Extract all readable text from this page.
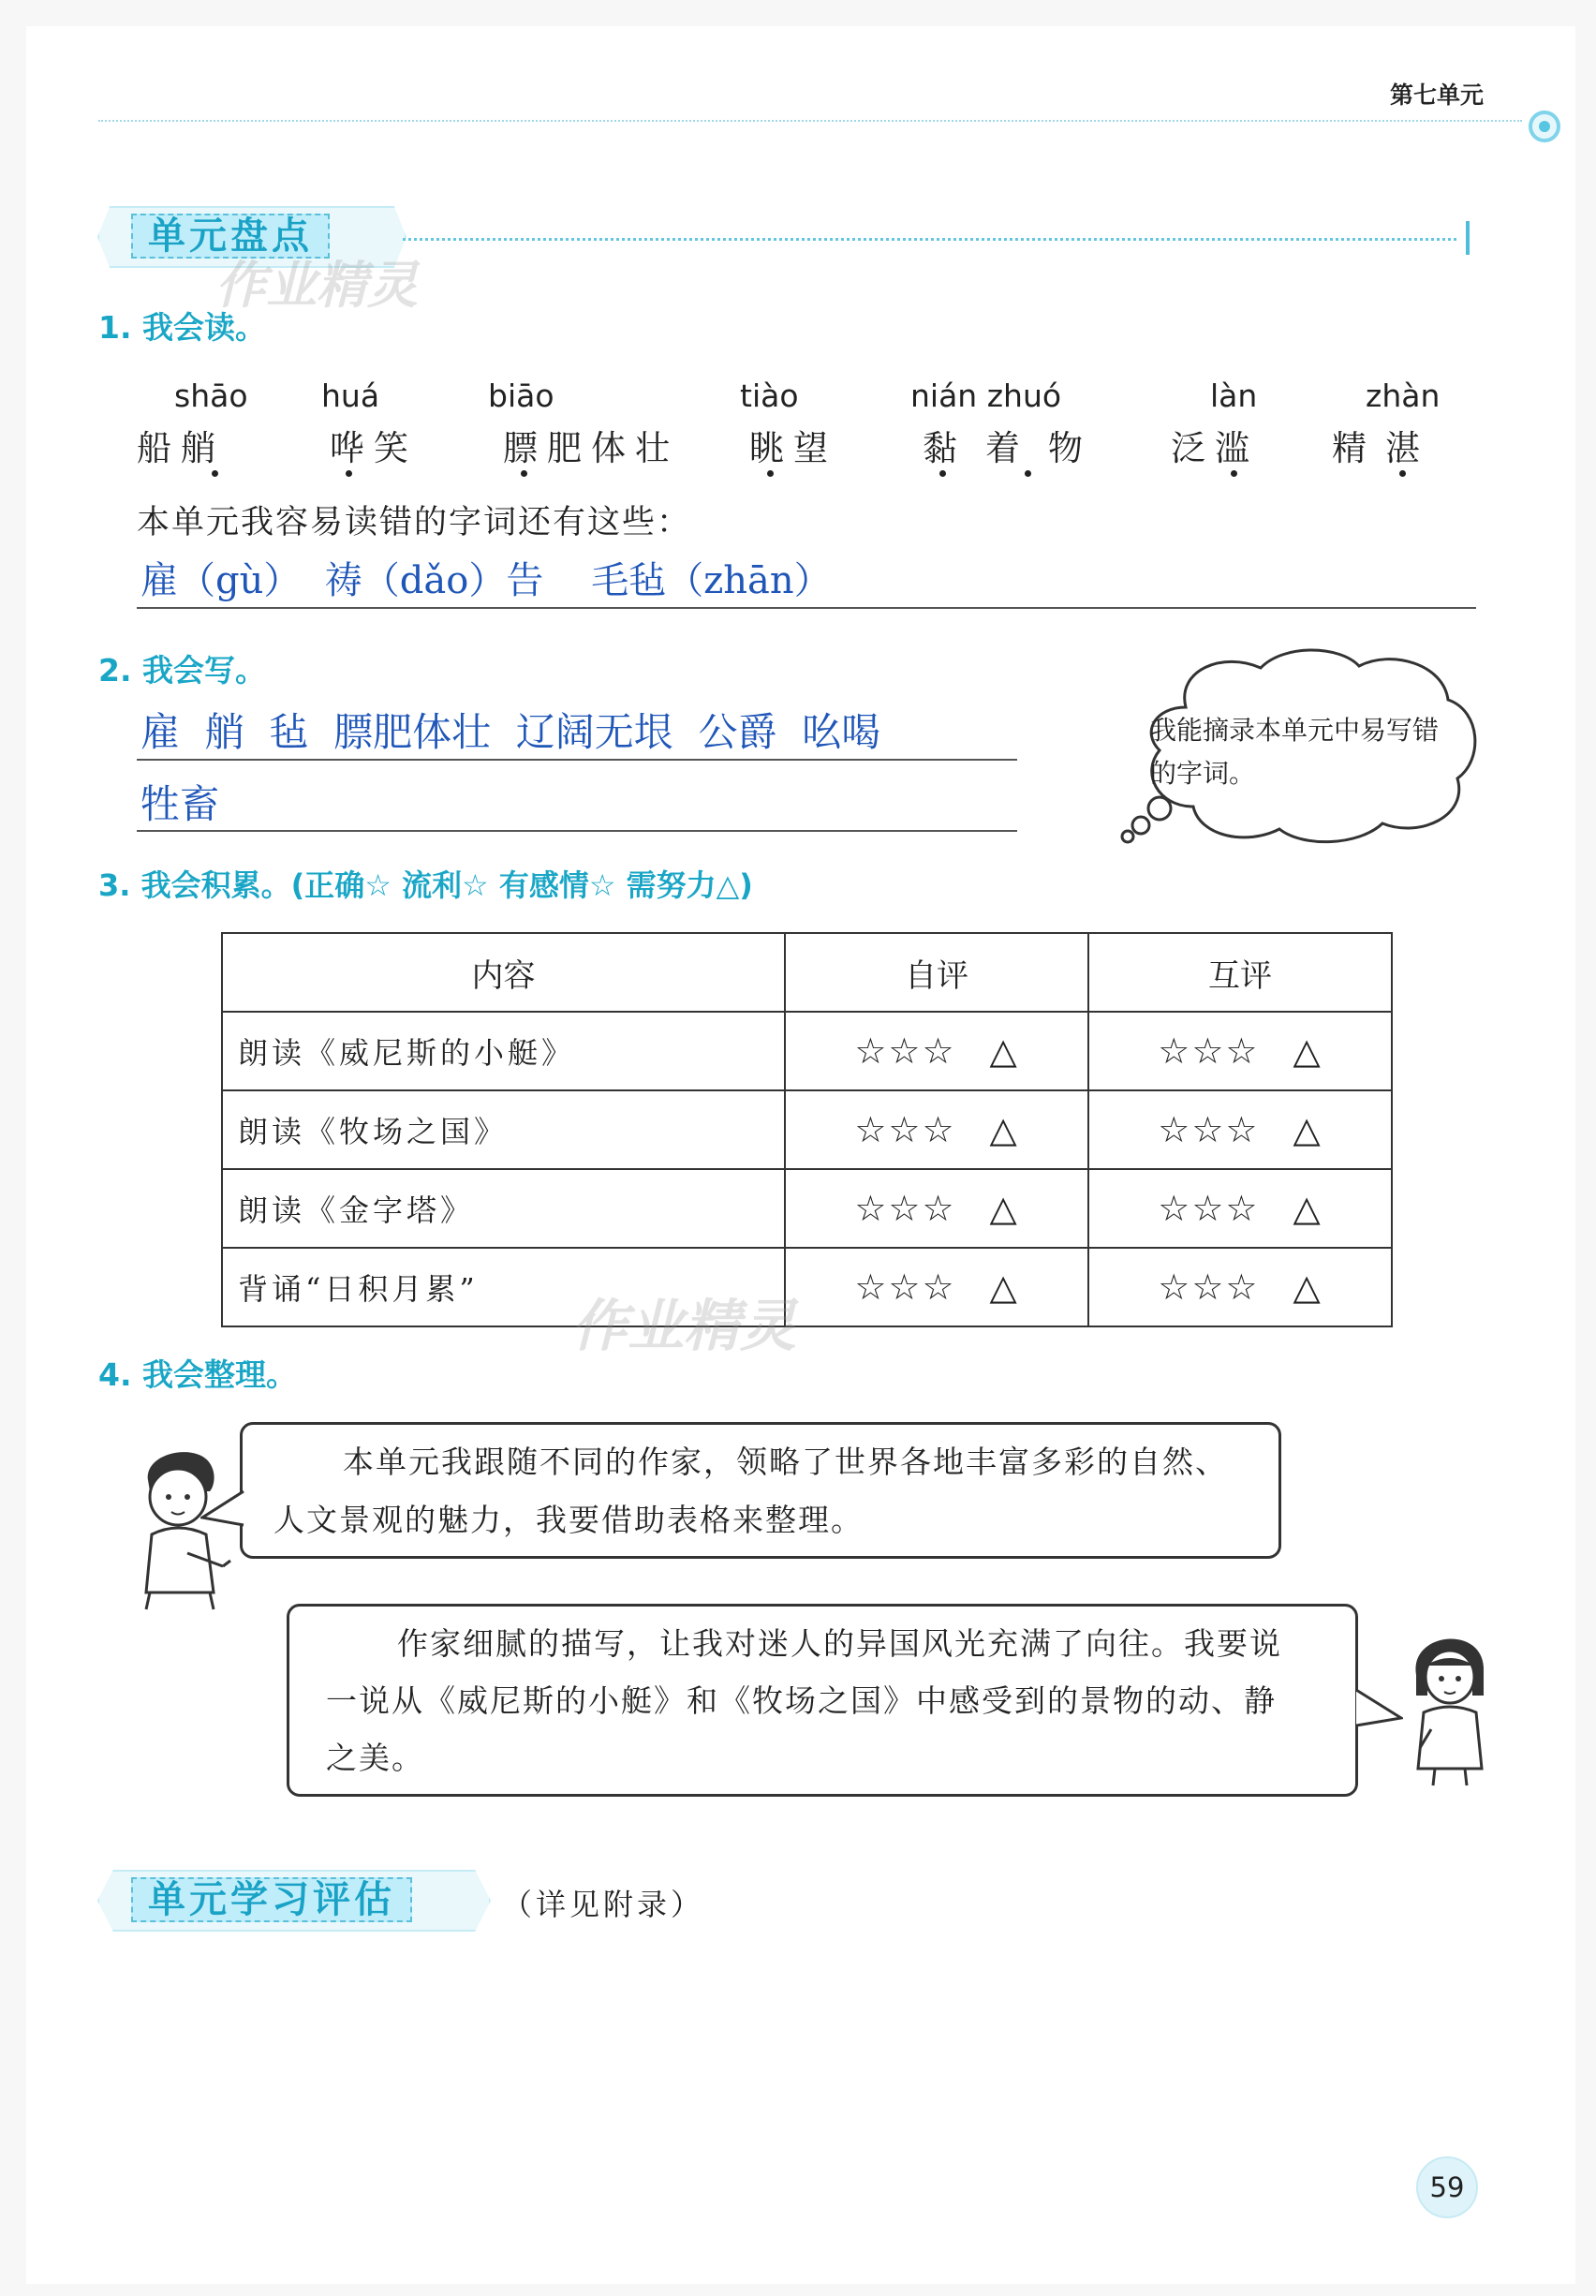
第七单元
单元盘点
作业精灵
1. 我会读。
shāo huá	biāo	tiào	nián zhuó	làn	zhàn
船艄	哗笑 膘肥体壮 眺望 黏着物 泛滥 精湛
本单元我容易读错的字词还有这些：
雇（gù）  祷（dǎo）告    毛毡（zhān）
2. 我会写。
雇  艄  毡  膘肥体壮  辽阔无垠  公爵  吆喝
牲畜
我能摘录本单元中易写错的字词。
3. 我会积累。(正确☆ 流利☆ 有感情☆ 需努力△)
内容	自评	互评
朗读《威尼斯的小艇》	☆☆☆ △	☆☆☆ △
朗读《牧场之国》	☆☆☆ △	☆☆☆ △
朗读《金字塔》	☆☆☆ △	☆☆☆ △
背诵“日积月累”	☆☆☆ △	☆☆☆ △
作业精灵
4. 我会整理。
本单元我跟随不同的作家，领略了世界各地丰富多彩的自然、
人文景观的魅力，我要借助表格来整理。
作家细腻的描写，让我对迷人的异国风光充满了向往。我要说
一说从《威尼斯的小艇》和《牧场之国》中感受到的景物的动、静
之美。
单元学习评估	（详见附录）
59
